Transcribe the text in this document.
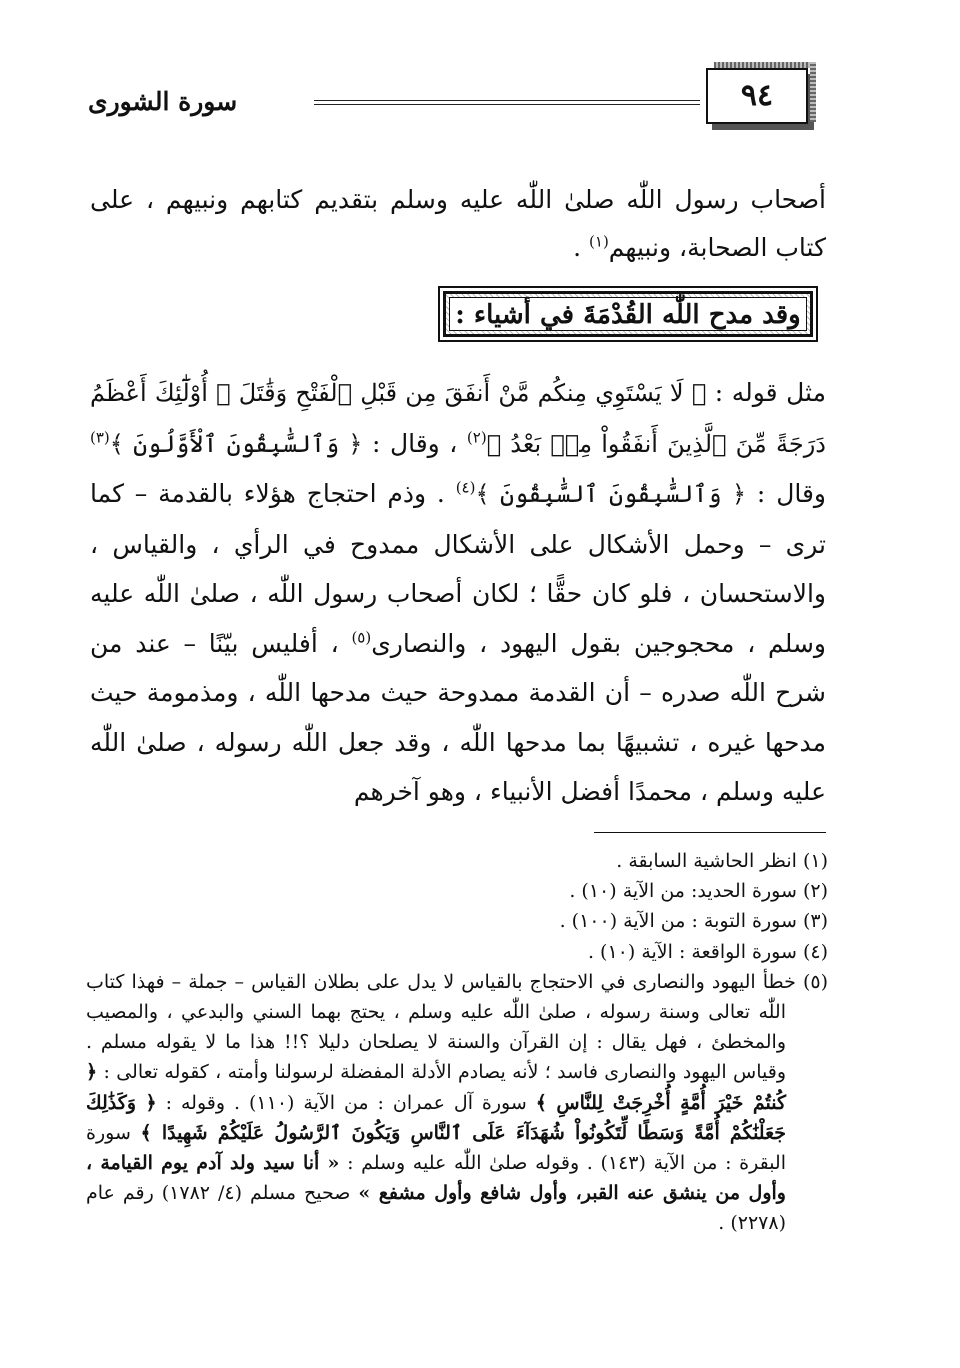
سورة الشورى	٩٤

أصحاب رسول اللّٰه صلىٰ اللّٰه عليه وسلم بتقديم كتابهم ونبيهم ، على كتاب الصحابة، ونبيهم$^{(١)}$ .

وقد مدح اللّٰه القُدْمَةَ في أشياء :

مثل قوله : ﴿ لَا يَسْتَوِي مِنكُم مَّنْ أَنفَقَ مِن قَبْلِ ٱلْفَتْحِ وَقَٰتَلَ ۚ أُوْلَٰٓئِكَ أَعْظَمُ دَرَجَةً مِّنَ ٱلَّذِينَ أَنفَقُواْ مِنۢ بَعْدُ ﴾$^{(٢)}$ ، وقال : ﴿ وَٱلسَّٰبِقُونَ ٱلْأَوَّلُونَ ﴾$^{(٣)}$ وقال : ﴿ وَٱلسَّٰبِقُونَ ٱلسَّٰبِقُونَ ﴾$^{(٤)}$ . وذم احتجاج هؤلاء بالقدمة – كما ترى – وحمل الأشكال على الأشكال ممدوح في الرأي ، والقياس ، والاستحسان ، فلو كان حقًّا ؛ لكان أصحاب رسول اللّٰه ، صلىٰ اللّٰه عليه وسلم ، محجوجين بقول اليهود ، والنصارى$^{(٥)}$ ، أفليس بيّنًا – عند من شرح اللّٰه صدره – أن القدمة ممدوحة حيث مدحها اللّٰه ، ومذمومة حيث مدحها غيره ، تشبيهًا بما مدحها اللّٰه ، وقد جعل اللّٰه رسوله ، صلىٰ اللّٰه عليه وسلم ، محمدًا أفضل الأنبياء ، وهو آخرهم

(١) انظر الحاشية السابقة .

(٢) سورة الحديد: من الآية (١٠) .

(٣) سورة التوبة : من الآية (١٠٠) .

(٤) سورة الواقعة : الآية (١٠) .

(٥) خطأ اليهود والنصارى في الاحتجاج بالقياس لا يدل على بطلان القياس – جملة – فهذا كتاب اللّٰه تعالى وسنة رسوله ، صلىٰ اللّٰه عليه وسلم ، يحتج بهما السني والبدعي ، والمصيب والمخطئ ، فهل يقال : إن القرآن والسنة لا يصلحان دليلا ؟!! هذا ما لا يقوله مسلم . وقياس اليهود والنصارى فاسد ؛ لأنه يصادم الأدلة المفضلة لرسولنا وأمته ، كقوله تعالى : ﴿ كُنتُمْ خَيْرَ أُمَّةٍ أُخْرِجَتْ لِلنَّاسِ ﴾ سورة آل عمران : من الآية (١١٠) . وقوله : ﴿ وَكَذَٰلِكَ جَعَلْنَٰكُمْ أُمَّةً وَسَطًا لِّتَكُونُواْ شُهَدَآءَ عَلَى ٱلنَّاسِ وَيَكُونَ ٱلرَّسُولُ عَلَيْكُمْ شَهِيدًا ﴾ سورة البقرة : من الآية (١٤٣) . وقوله صلىٰ اللّٰه عليه وسلم : « أنا سيد ولد آدم يوم القيامة ، وأول من ينشق عنه القبر، وأول شافع وأول مشفع » صحيح مسلم (٤/ ١٧٨٢) رقم عام (٢٢٧٨) .
